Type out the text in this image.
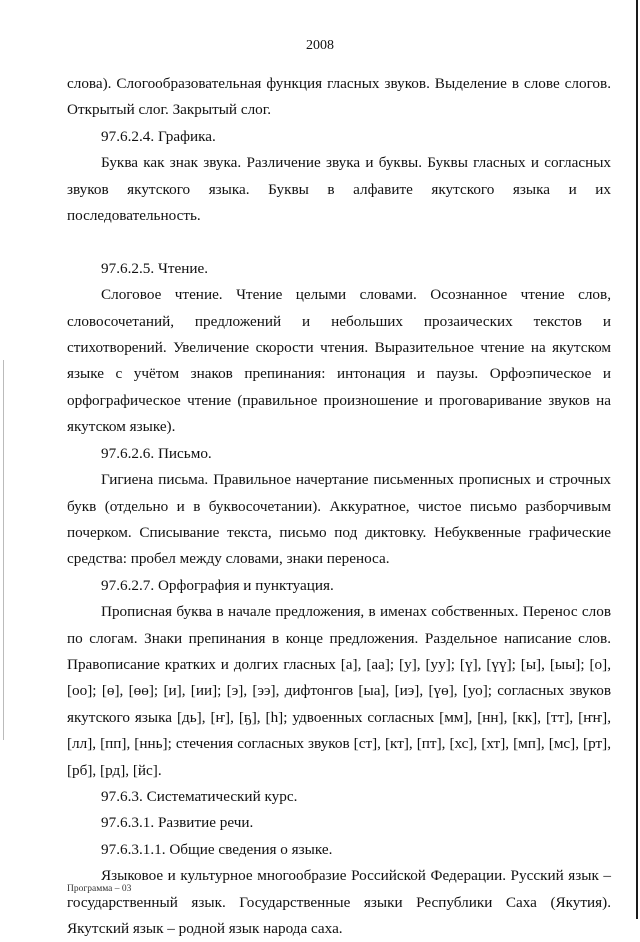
2008

слова). Слогообразовательная функция гласных звуков. Выделение в слове слогов. Открытый слог. Закрытый слог.

97.6.2.4. Графика.

Буква как знак звука. Различение звука и буквы. Буквы гласных и согласных звуков якутского языка. Буквы в алфавите якутского языка и их последовательность.

97.6.2.5. Чтение.

Слоговое чтение. Чтение целыми словами. Осознанное чтение слов, словосочетаний, предложений и небольших прозаических текстов и стихотворений. Увеличение скорости чтения. Выразительное чтение на якутском языке с учётом знаков препинания: интонация и паузы. Орфоэпическое и орфографическое чтение (правильное произношение и проговаривание звуков на якутском языке).

97.6.2.6. Письмо.

Гигиена письма. Правильное начертание письменных прописных и строчных букв (отдельно и в буквосочетании). Аккуратное, чистое письмо разборчивым почерком. Списывание текста, письмо под диктовку. Небуквенные графические средства: пробел между словами, знаки переноса.

97.6.2.7. Орфография и пунктуация.

Прописная буква в начале предложения, в именах собственных. Перенос слов по слогам. Знаки препинания в конце предложения. Раздельное написание слов. Правописание кратких и долгих гласных [а], [аа]; [у], [уу]; [ү], [үү]; [ы], [ыы]; [о], [оо]; [ө], [өө]; [и], [ии]; [э], [ээ], дифтонгов [ыа], [иэ], [үө], [уо]; согласных звуков якутского языка [дь], [ҥ], [ҕ], [һ]; удвоенных согласных [мм], [нн], [кк], [тт], [ҥҥ], [лл], [пп], [ннь]; стечения согласных звуков [ст], [кт], [пт], [хс], [хт], [мп], [мс], [рт], [рб], [рд], [йс].

97.6.3. Систематический курс.

97.6.3.1. Развитие речи.

97.6.3.1.1. Общие сведения о языке.

Языковое и культурное многообразие Российской Федерации. Русский язык – государственный язык. Государственные языки Республики Саха (Якутия). Якутский язык – родной язык народа саха.

Программа – 03
